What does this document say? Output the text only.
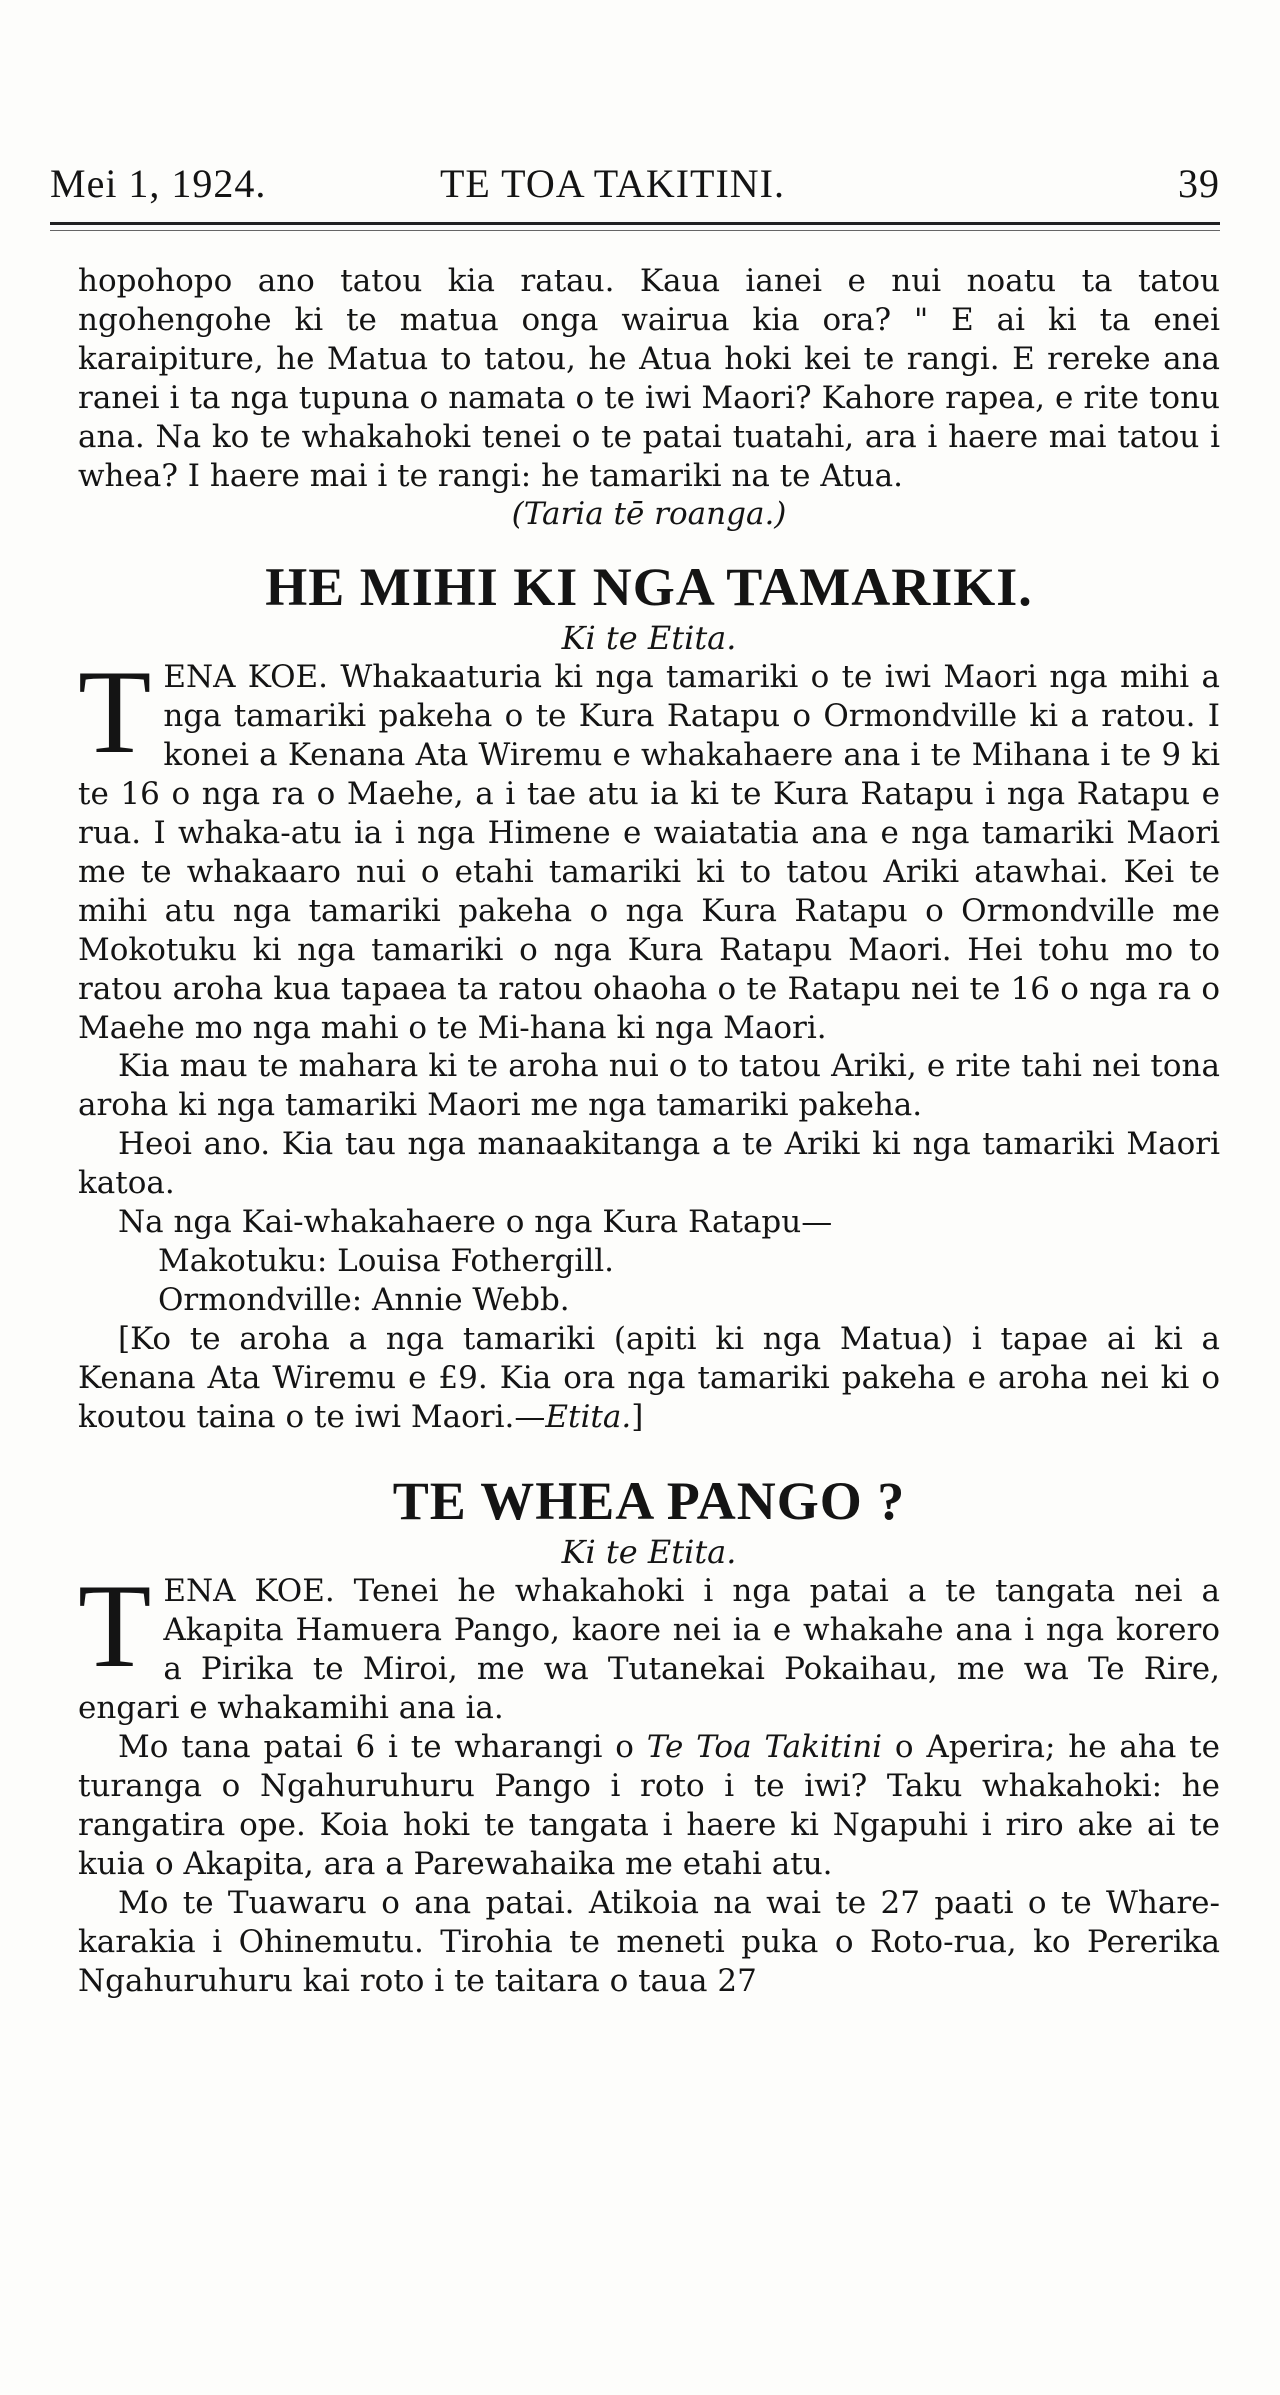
Mei 1, 1924.	TE TOA TAKITINI.	39

hopohopo ano tatou kia ratau. Kaua ianei e nui noatu ta tatou ngohengohe ki te matua onga wairua kia ora? " E ai ki ta enei karaipiture, he Matua to tatou, he Atua hoki kei te rangi. E rereke ana ranei i ta nga tupuna o namata o te iwi Maori? Kahore rapea, e rite tonu ana. Na ko te whakahoki tenei o te patai tuatahi, ara i haere mai tatou i whea? I haere mai i te rangi: he tamariki na te Atua.

(Taria tē roanga.)

HE MIHI KI NGA TAMARIKI.
Ki te Etita.

T ENA KOE. Whakaaturia ki nga tamariki o te iwi Maori nga mihi a nga tamariki pakeha o te Kura Ratapu o Ormondville ki a ratou. I konei a Kenana Ata Wiremu e whakahaere ana i te Mihana i te 9 ki te 16 o nga ra o Maehe, a i tae atu ia ki te Kura Ratapu i nga Ratapu e rua. I whaka-atu ia i nga Himene e waiatatia ana e nga tamariki Maori me te whakaaro nui o etahi tamariki ki to tatou Ariki atawhai. Kei te mihi atu nga tamariki pakeha o nga Kura Ratapu o Ormondville me Mokotuku ki nga tamariki o nga Kura Ratapu Maori. Hei tohu mo to ratou aroha kua tapaea ta ratou ohaoha o te Ratapu nei te 16 o nga ra o Maehe mo nga mahi o te Mi-hana ki nga Maori.

Kia mau te mahara ki te aroha nui o to tatou Ariki, e rite tahi nei tona aroha ki nga tamariki Maori me nga tamariki pakeha.

Heoi ano. Kia tau nga manaakitanga a te Ariki ki nga tamariki Maori katoa.

Na nga Kai-whakahaere o nga Kura Ratapu—

Makotuku: Louisa Fothergill.

Ormondville: Annie Webb.

[Ko te aroha a nga tamariki (apiti ki nga Matua) i tapae ai ki a Kenana Ata Wiremu e £9. Kia ora nga tamariki pakeha e aroha nei ki o koutou taina o te iwi Maori.—Etita.]

TE WHEA PANGO ?
Ki te Etita.

T ENA KOE. Tenei he whakahoki i nga patai a te tangata nei a Akapita Hamuera Pango, kaore nei ia e whakahe ana i nga korero a Pirika te Miroi, me wa Tutanekai Pokaihau, me wa Te Rire, engari e whakamihi ana ia.

Mo tana patai 6 i te wharangi o Te Toa Takitini o Aperira; he aha te turanga o Ngahuruhuru Pango i roto i te iwi? Taku whakahoki: he rangatira ope. Koia hoki te tangata i haere ki Ngapuhi i riro ake ai te kuia o Akapita, ara a Parewahaika me etahi atu.

Mo te Tuawaru o ana patai. Atikoia na wai te 27 paati o te Whare-karakia i Ohinemutu. Tirohia te meneti puka o Roto-rua, ko Pererika Ngahuruhuru kai roto i te taitara o taua 27
